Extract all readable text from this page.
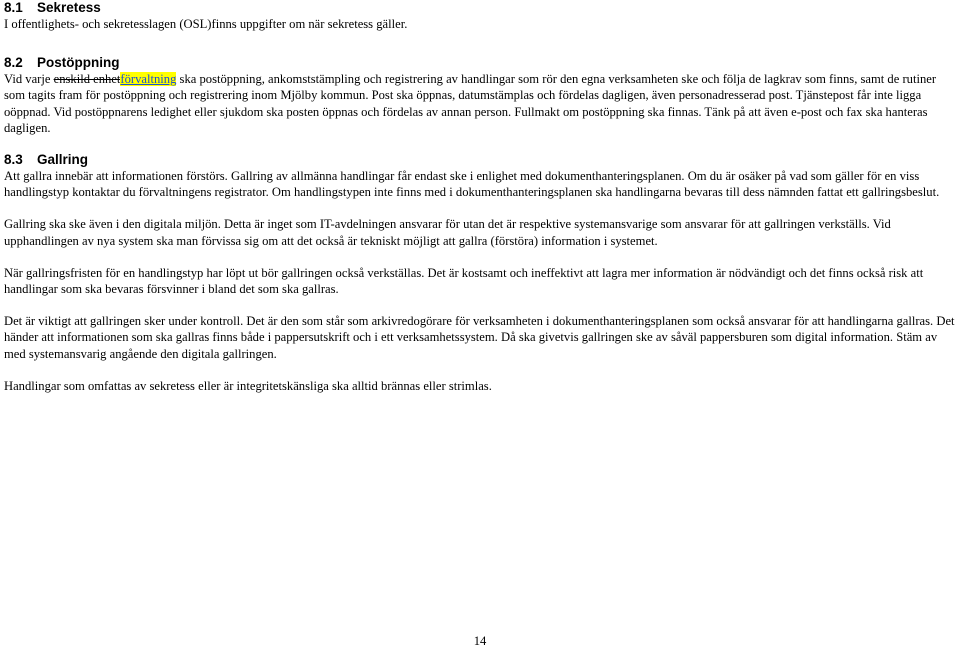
8.1 Sekretess

I offentlighets- och sekretesslagen (OSL)finns uppgifter om när sekretess gäller.

8.2 Postöppning

Vid varje enskild enhetförvaltning ska postöppning, ankomststämpling och registrering av handlingar som rör den egna verksamheten ske och följa de lagkrav som finns, samt de rutiner som tagits fram för postöppning och registrering inom Mjölby kommun. Post ska öppnas, datumstämplas och fördelas dagligen, även personadresserad post. Tjänstepost får inte ligga oöppnad. Vid postöppnarens ledighet eller sjukdom ska posten öppnas och fördelas av annan person. Fullmakt om postöppning ska finnas. Tänk på att även e-post och fax ska hanteras dagligen.

8.3 Gallring

Att gallra innebär att informationen förstörs. Gallring av allmänna handlingar får endast ske i enlighet med dokumenthanteringsplanen. Om du är osäker på vad som gäller för en viss handlingstyp kontaktar du förvaltningens registrator. Om handlingstypen inte finns med i dokumenthanteringsplanen ska handlingarna bevaras till dess nämnden fattat ett gallringsbeslut.

Gallring ska ske även i den digitala miljön. Detta är inget som IT-avdelningen ansvarar för utan det är respektive systemansvarige som ansvarar för att gallringen verkställs. Vid upphandlingen av nya system ska man förvissa sig om att det också är tekniskt möjligt att gallra (förstöra) information i systemet.

När gallringsfristen för en handlingstyp har löpt ut bör gallringen också verkställas. Det är kostsamt och ineffektivt att lagra mer information är nödvändigt och det finns också risk att handlingar som ska bevaras försvinner i bland det som ska gallras.

Det är viktigt att gallringen sker under kontroll. Det är den som står som arkivredogörare för verksamheten i dokumenthanteringsplanen som också ansvarar för att handlingarna gallras. Det händer att informationen som ska gallras finns både i pappersutskrift och i ett verksamhetssystem. Då ska givetvis gallringen ske av såväl pappersburen som digital information. Stäm av med systemansvarig angående den digitala gallringen.

Handlingar som omfattas av sekretess eller är integritetskänsliga ska alltid brännas eller strimlas.

14
